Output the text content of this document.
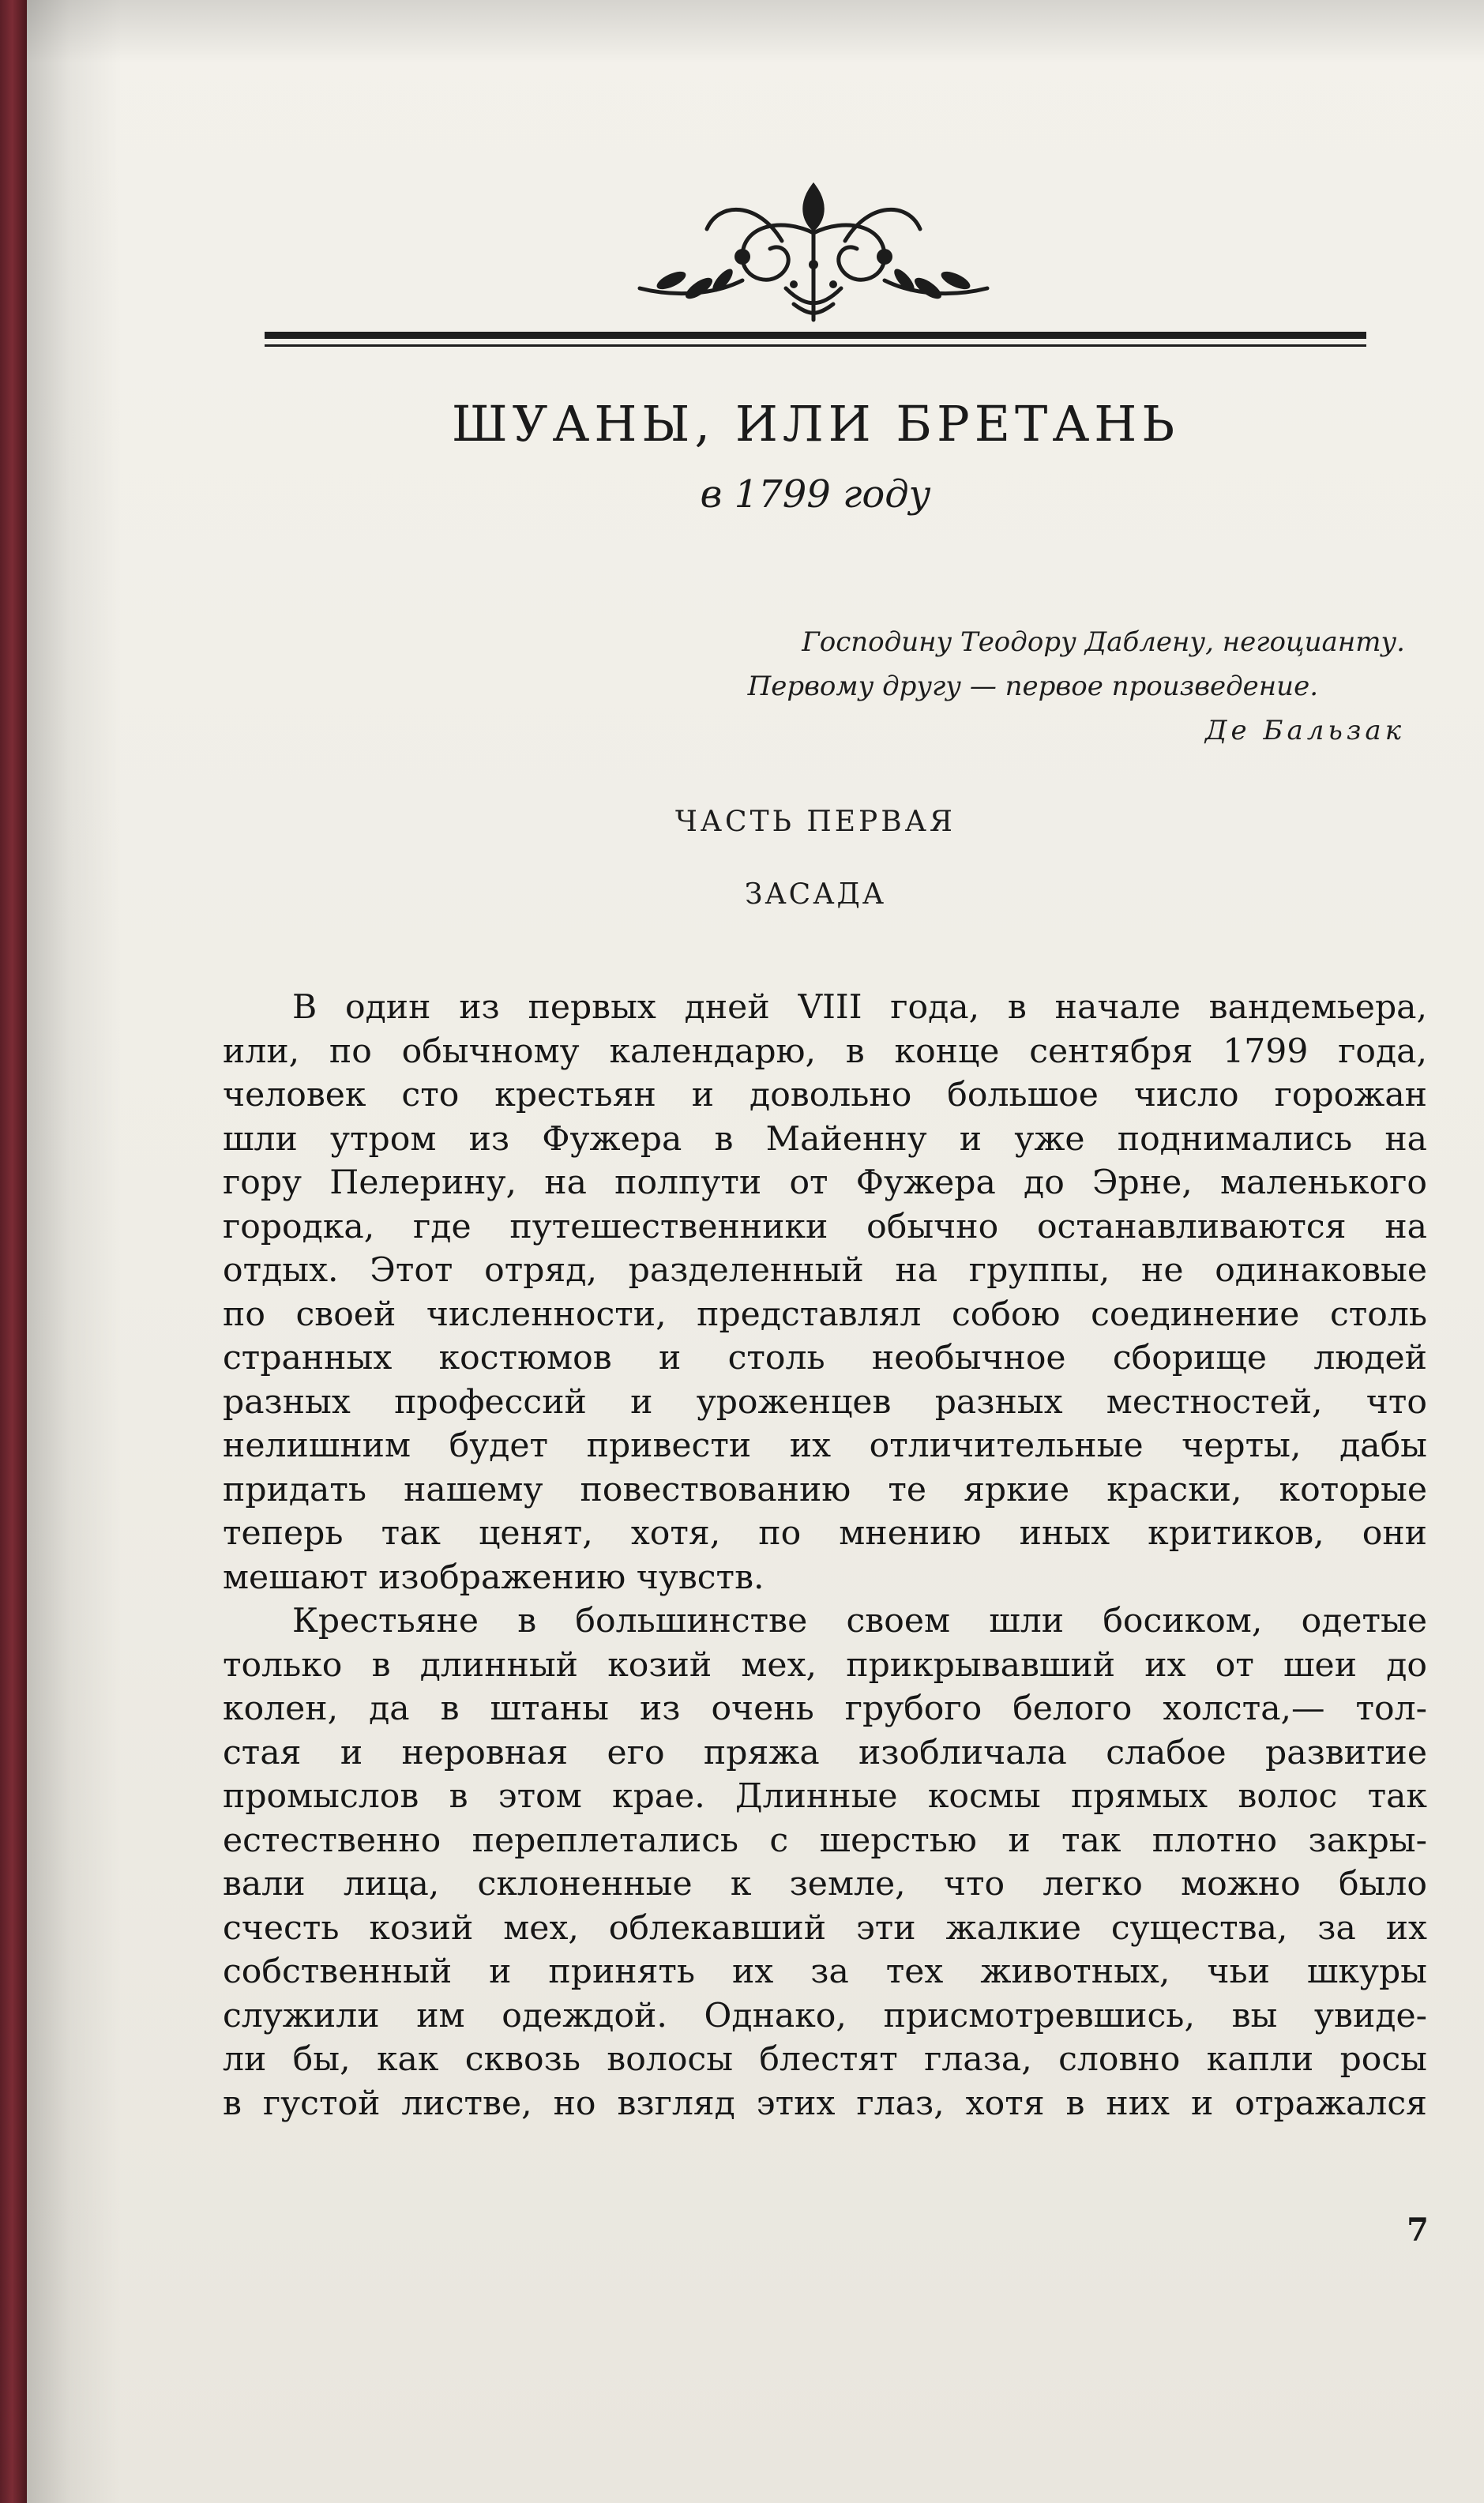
ШУАНЫ, ИЛИ БРЕТАНЬ
в 1799 году
Господину Теодору Даблену, негоцианту.
Первому другу — первое произведение.
Де Бальзак
ЧАСТЬ ПЕРВАЯ
ЗАСАДА
В один из первых дней VIII года, в начале вандемьера,
или, по обычному календарю, в конце сентября 1799 года,
человек сто крестьян и довольно большое число горожан
шли утром из Фужера в Майенну и уже поднимались на
гору Пелерину, на полпути от Фужера до Эрне, маленького
городка, где путешественники обычно останавливаются на
отдых. Этот отряд, разделенный на группы, не одинаковые
по своей численности, представлял собою соединение столь
странных костюмов и столь необычное сборище людей
разных профессий и уроженцев разных местностей, что
нелишним будет привести их отличительные черты, дабы
придать нашему повествованию те яркие краски, которые
теперь так ценят, хотя, по мнению иных критиков, они
мешают изображению чувств.
Крестьяне в большинстве своем шли босиком, одетые
только в длинный козий мех, прикрывавший их от шеи до
колен, да в штаны из очень грубого белого холста,— тол-
стая и неровная его пряжа изобличала слабое развитие
промыслов в этом крае. Длинные космы прямых волос так
естественно переплетались с шерстью и так плотно закры-
вали лица, склоненные к земле, что легко можно было
счесть козий мех, облекавший эти жалкие существа, за их
собственный и принять их за тех животных, чьи шкуры
служили им одеждой. Однако, присмотревшись, вы увиде-
ли бы, как сквозь волосы блестят глаза, словно капли росы
в густой листве, но взгляд этих глаз, хотя в них и отражался
7
